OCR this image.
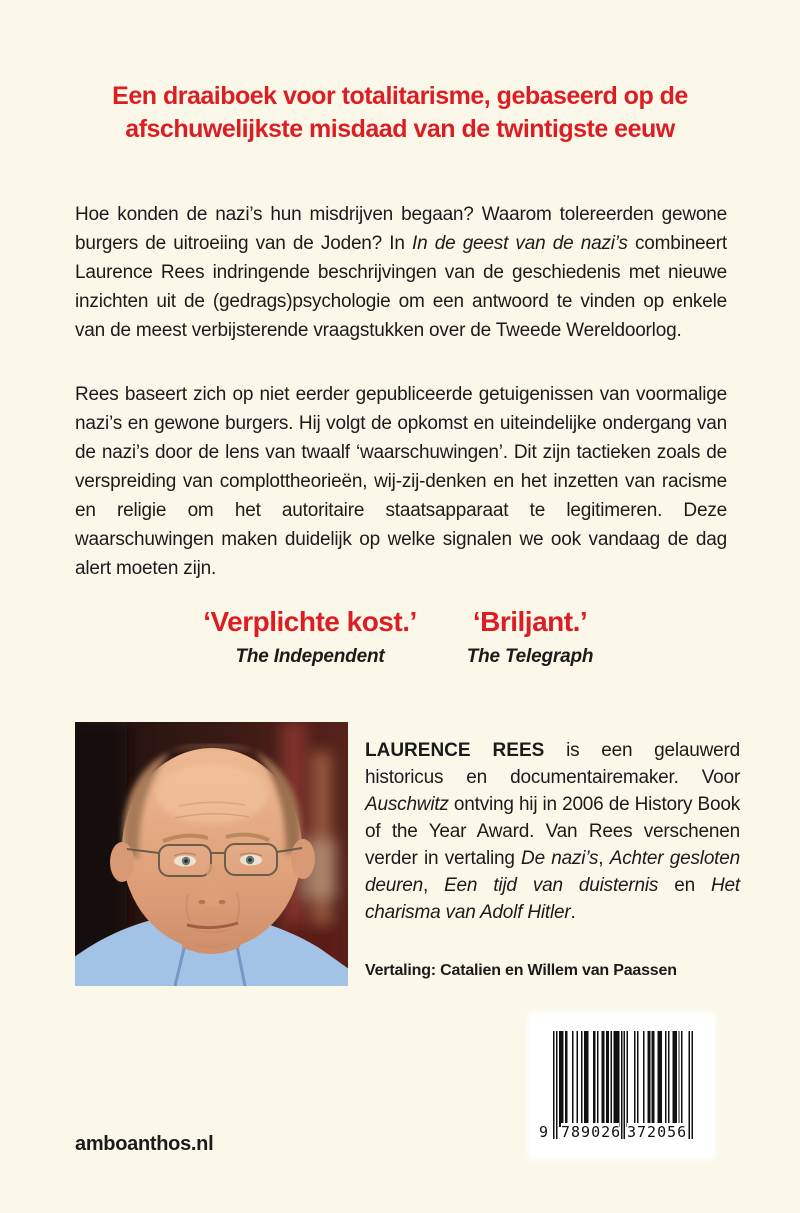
Een draaiboek voor totalitarisme, gebaseerd op de
afschuwelijkste misdaad van de twintigste eeuw

Hoe konden de nazi’s hun misdrijven begaan? Waarom tolereerden gewone burgers de uitroeiing van de Joden? In In de geest van de nazi’s combineert Laurence Rees indringende beschrijvingen van de geschiedenis met nieuwe inzichten uit de (gedrags)psychologie om een antwoord te vinden op enkele van de meest verbijsterende vraagstukken over de Tweede Wereldoorlog.

Rees baseert zich op niet eerder gepubliceerde getuigenissen van voormalige nazi’s en gewone burgers. Hij volgt de opkomst en uiteindelijke ondergang van de nazi’s door de lens van twaalf ‘waarschuwingen’. Dit zijn tactieken zoals de verspreiding van complottheorieën, wij-zij-denken en het inzetten van racisme en religie om het autoritaire staatsapparaat te legitimeren. Deze waarschuwingen maken duidelijk op welke signalen we ook vandaag de dag alert moeten zijn.

‘Verplichte kost.’
The Independent
‘Briljant.’
The Telegraph

LAURENCE REES is een gelauwerd historicus en documentairemaker. Voor Auschwitz ontving hij in 2006 de History Book of the Year Award. Van Rees verschenen verder in vertaling De nazi’s, Achter gesloten deuren, Een tijd van duisternis en Het charisma van Adolf Hitler.

Vertaling: Catalien en Willem van Paassen
9 789026 372056
amboanthos.nl
